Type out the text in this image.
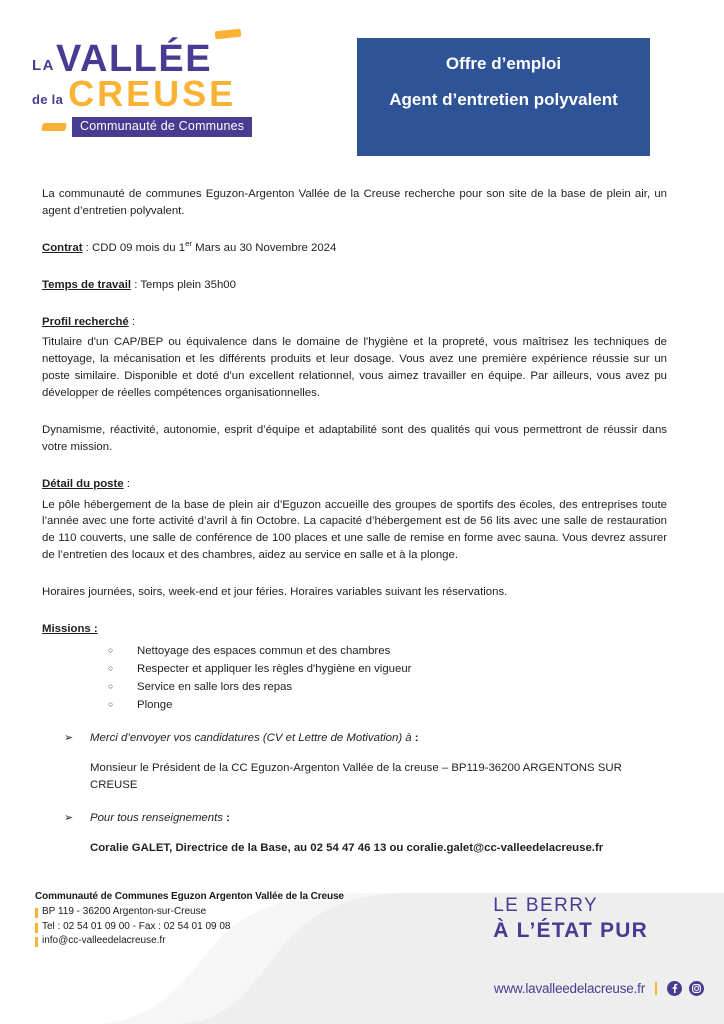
LA VALLÉE
de la CREUSE
Communauté de Communes
Offre d’emploi
Agent d’entretien polyvalent

La communauté de communes Eguzon-Argenton Vallée de la Creuse recherche pour son site de la base de plein air, un agent d’entretien polyvalent.

Contrat : CDD 09 mois du 1er Mars au 30 Novembre 2024

Temps de travail : Temps plein 35h00

Profil recherché :

Titulaire d'un CAP/BEP ou équivalence dans le domaine de l'hygiène et la propreté, vous maîtrisez les techniques de nettoyage, la mécanisation et les différents produits et leur dosage. Vous avez une première expérience réussie sur un poste similaire. Disponible et doté d'un excellent relationnel, vous aimez travailler en équipe. Par ailleurs, vous avez pu développer de réelles compétences organisationnelles.

Dynamisme, réactivité, autonomie, esprit d’équipe et adaptabilité sont des qualités qui vous permettront de réussir dans votre mission.

Détail du poste :

Le pôle hébergement de la base de plein air d’Eguzon accueille des groupes de sportifs des écoles, des entreprises toute l’année avec une forte activité d’avril à fin Octobre. La capacité d’hébergement est de 56 lits avec une salle de restauration de 110 couverts, une salle de conférence de 100 places et une salle de remise en forme avec sauna. Vous devrez assurer de l’entretien des locaux et des chambres, aidez au service en salle et à la plonge.

Horaires journées, soirs, week-end et jour féries. Horaires variables suivant les réservations.

Missions :

○ Nettoyage des espaces commun et des chambres
○ Respecter et appliquer les règles d'hygiène en vigueur
○ Service en salle lors des repas
○ Plonge
➢ Merci d’envoyer vos candidatures (CV et Lettre de Motivation) à :
Monsieur le Président de la CC Eguzon-Argenton Vallée de la creuse – BP119-36200 ARGENTONS SUR CREUSE
➢ Pour tous renseignements :
Coralie GALET, Directrice de la Base, au 02 54 47 46 13 ou coralie.galet@cc-valleedelacreuse.fr
Communauté de Communes Eguzon Argenton Vallée de la Creuse
BP 119 - 36200 Argenton-sur-Creuse
Tel : 02 54 01 09 00 - Fax : 02 54 01 09 08
info@cc-valleedelacreuse.fr
LE BERRY
À L’ÉTAT PUR
www.lavalleedelacreuse.fr
